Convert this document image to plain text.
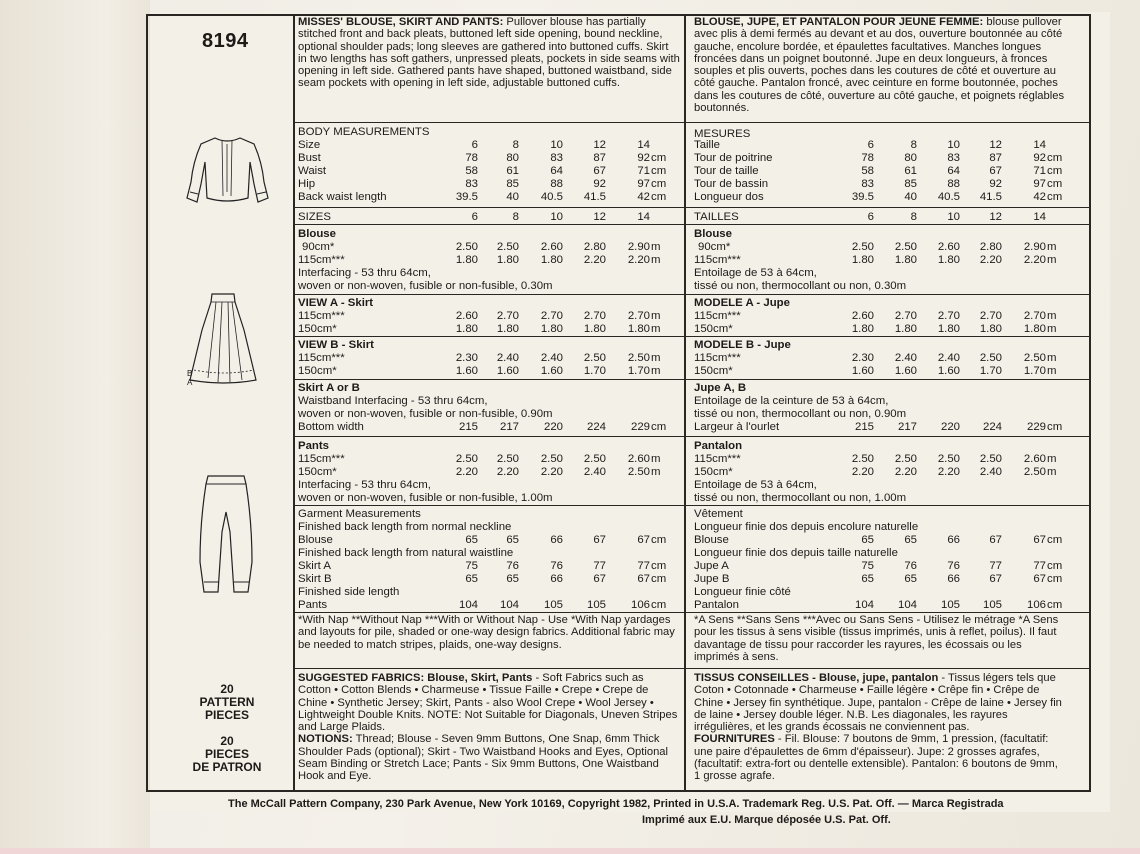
8194
B
A
20
PATTERN
PIECES
20
PIECES
DE PATRON
MISSES' BLOUSE, SKIRT AND PANTS: Pullover blouse has partially stitched front and back pleats, buttoned left side opening, bound neckline, optional shoulder pads; long sleeves are gathered into buttoned cuffs. Skirt in two lengths has soft gathers, unpressed pleats, pockets in side seams with opening in left side. Gathered pants have shaped, buttoned waistband, side seam pockets with opening in left side, adjustable buttoned cuffs.
BLOUSE, JUPE, ET PANTALON POUR JEUNE FEMME: blouse pullover avec plis à demi fermés au devant et au dos, ouverture boutonnée au côté gauche, encolure bordée, et épaulettes facultatives. Manches longues froncées dans un poignet boutonné. Jupe en deux longueurs, à fronces souples et plis ouverts, poches dans les coutures de côté et ouverture au côté gauche. Pantalon froncé, avec ceinture en forme boutonnée, poches dans les coutures de côté, ouverture au côté gauche, et poignets réglables boutonnés.
BODY MEASUREMENTS
Size	6	8	10	12	14
Bust	78	80	83	87	92 cm
Waist	58	61	64	67	71 cm
Hip	83	85	88	92	97 cm
Back waist length	39.5	40	40.5	41.5	42 cm
SIZES	6	8	10	12	14
Blouse
90cm*	2.50	2.50	2.60	2.80	2.90 m
115cm***	1.80	1.80	1.80	2.20	2.20 m
Interfacing - 53 thru 64cm,
woven or non-woven, fusible or non-fusible, 0.30m
VIEW A - Skirt
115cm***	2.60	2.70	2.70	2.70	2.70 m
150cm*	1.80	1.80	1.80	1.80	1.80 m
VIEW B - Skirt
115cm***	2.30	2.40	2.40	2.50	2.50 m
150cm*	1.60	1.60	1.60	1.70	1.70 m
Skirt A or B
Waistband Interfacing - 53 thru 64cm,
woven or non-woven, fusible or non-fusible, 0.90m
Bottom width	215	217	220	224	229 cm
Pants
115cm***	2.50	2.50	2.50	2.50	2.60 m
150cm*	2.20	2.20	2.20	2.40	2.50 m
Interfacing - 53 thru 64cm,
woven or non-woven, fusible or non-fusible, 1.00m
Garment Measurements
Finished back length from normal neckline
Blouse	65	65	66	67	67 cm
Finished back length from natural waistline
Skirt A	75	76	76	77	77 cm
Skirt B	65	65	66	67	67 cm
Finished side length
Pants	104	104	105	105	106 cm
MESURES
Taille	6	8	10	12	14
Tour de poitrine	78	80	83	87	92 cm
Tour de taille	58	61	64	67	71 cm
Tour de bassin	83	85	88	92	97 cm
Longueur dos	39.5	40	40.5	41.5	42 cm
TAILLES	6	8	10	12	14
Blouse
90cm*	2.50	2.50	2.60	2.80	2.90 m
115cm***	1.80	1.80	1.80	2.20	2.20 m
Entoilage de 53 à 64cm,
tissé ou non, thermocollant ou non, 0.30m
MODELE A - Jupe
115cm***	2.60	2.70	2.70	2.70	2.70 m
150cm*	1.80	1.80	1.80	1.80	1.80 m
MODELE B - Jupe
115cm***	2.30	2.40	2.40	2.50	2.50 m
150cm*	1.60	1.60	1.60	1.70	1.70 m
Jupe A, B
Entoilage de la ceinture de 53 à 64cm,
tissé ou non, thermocollant ou non, 0.90m
Largeur à l'ourlet	215	217	220	224	229 cm
Pantalon
115cm***	2.50	2.50	2.50	2.50	2.60 m
150cm*	2.20	2.20	2.20	2.40	2.50 m
Entoilage de 53 à 64cm,
tissé ou non, thermocollant ou non, 1.00m
Vêtement
Longueur finie dos depuis encolure naturelle
Blouse	65	65	66	67	67 cm
Longueur finie dos depuis taille naturelle
Jupe A	75	76	76	77	77 cm
Jupe B	65	65	66	67	67 cm
Longueur finie côté
Pantalon	104	104	105	105	106 cm
*With Nap **Without Nap ***With or Without Nap - Use *With Nap yardages and layouts for pile, shaded or one-way design fabrics. Additional fabric may be needed to match stripes, plaids, one-way designs.
*A Sens **Sans Sens ***Avec ou Sans Sens - Utilisez le métrage *A Sens pour les tissus à sens visible (tissus imprimés, unis à reflet, poilus). Il faut davantage de tissu pour raccorder les rayures, les écossais ou les imprimés à sens.
SUGGESTED FABRICS: Blouse, Skirt, Pants - Soft Fabrics such as Cotton • Cotton Blends • Charmeuse • Tissue Faille • Crepe • Crepe de Chine • Synthetic Jersey; Skirt, Pants - also Wool Crepe • Wool Jersey • Lightweight Double Knits. NOTE: Not Suitable for Diagonals, Uneven Stripes and Large Plaids.
NOTIONS: Thread; Blouse - Seven 9mm Buttons, One Snap, 6mm Thick Shoulder Pads (optional); Skirt - Two Waistband Hooks and Eyes, Optional Seam Binding or Stretch Lace; Pants - Six 9mm Buttons, One Waistband Hook and Eye.
TISSUS CONSEILLES - Blouse, jupe, pantalon - Tissus légers tels que Coton • Cotonnade • Charmeuse • Faille légère • Crêpe fin • Crêpe de Chine • Jersey fin synthétique. Jupe, pantalon - Crêpe de laine • Jersey fin de laine • Jersey double léger. N.B. Les diagonales, les rayures irrégulières, et les grands écossais ne conviennent pas.
FOURNITURES - Fil. Blouse: 7 boutons de 9mm, 1 pression, (facultatif: une paire d'épaulettes de 6mm d'épaisseur). Jupe: 2 grosses agrafes, (facultatif: extra-fort ou dentelle extensible). Pantalon: 6 boutons de 9mm, 1 grosse agrafe.
The McCall Pattern Company, 230 Park Avenue, New York 10169, Copyright 1982, Printed in U.S.A. Trademark Reg. U.S. Pat. Off. — Marca Registrada
Imprimé aux E.U. Marque déposée U.S. Pat. Off.
